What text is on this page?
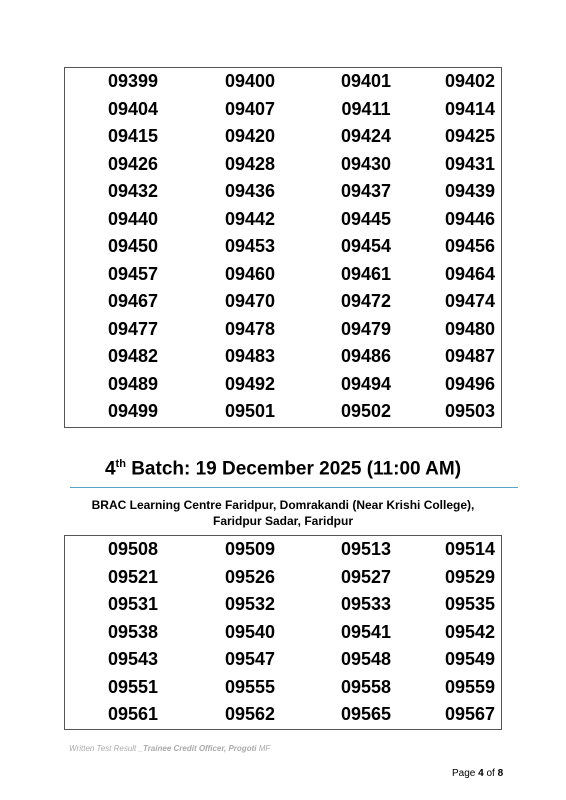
09399	09400	09401	09402
09404	09407	09411	09414
09415	09420	09424	09425
09426	09428	09430	09431
09432	09436	09437	09439
09440	09442	09445	09446
09450	09453	09454	09456
09457	09460	09461	09464
09467	09470	09472	09474
09477	09478	09479	09480
09482	09483	09486	09487
09489	09492	09494	09496
09499	09501	09502	09503
4th Batch: 19 December 2025 (11:00 AM)
BRAC Learning Centre Faridpur, Domrakandi (Near Krishi College), Faridpur Sadar, Faridpur
09508	09509	09513	09514
09521	09526	09527	09529
09531	09532	09533	09535
09538	09540	09541	09542
09543	09547	09548	09549
09551	09555	09558	09559
09561	09562	09565	09567
Written Test Result _Trainee Credit Officer, Progoti MF
Page 4 of 8
